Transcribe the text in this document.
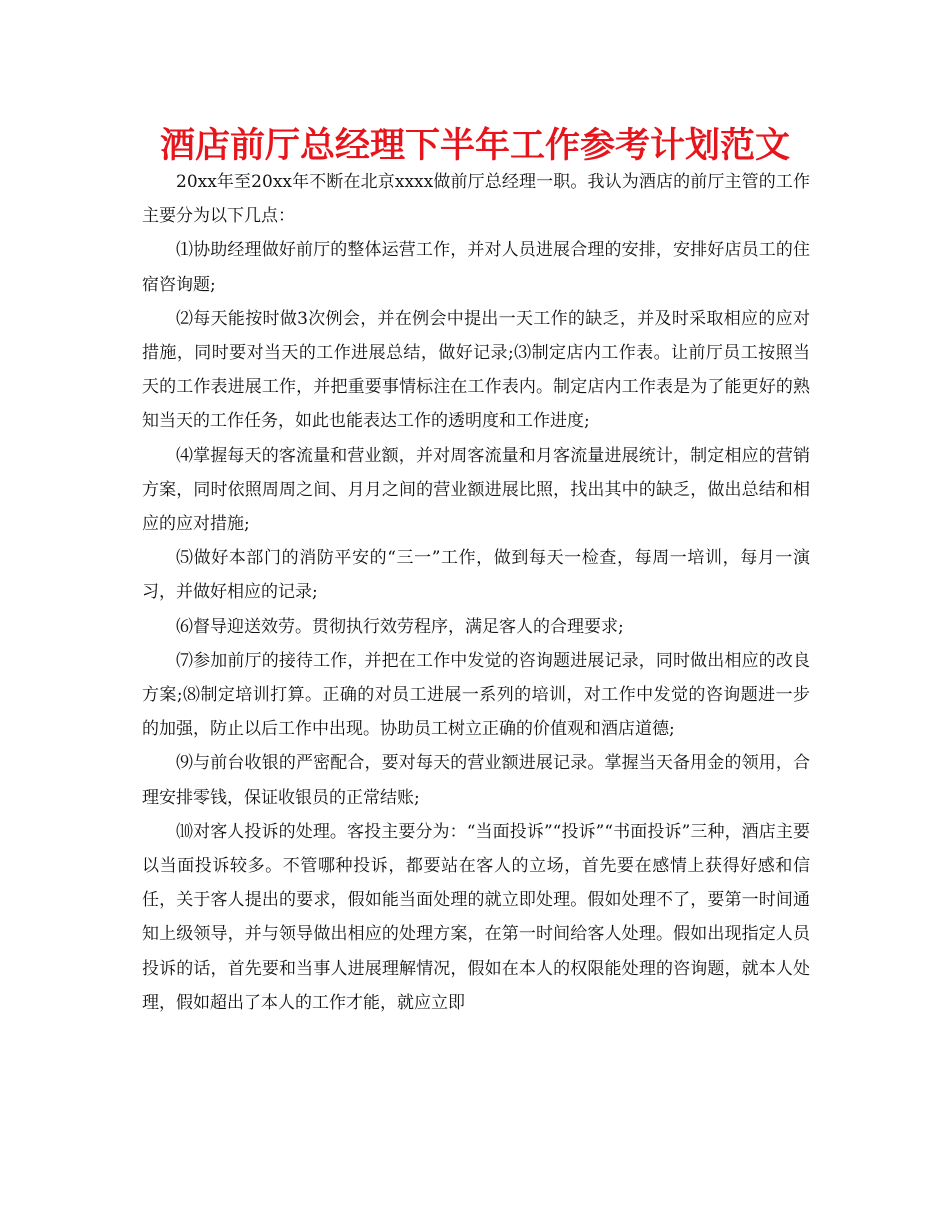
酒店前厅总经理下半年工作参考计划范文

20xx年至20xx年不断在北京xxxx做前厅总经理一职。我认为酒店的前厅主管的工作主要分为以下几点：

⑴协助经理做好前厅的整体运营工作，并对人员进展合理的安排，安排好店员工的住宿咨询题;

⑵每天能按时做3次例会，并在例会中提出一天工作的缺乏，并及时采取相应的应对措施，同时要对当天的工作进展总结，做好记录;⑶制定店内工作表。让前厅员工按照当天的工作表进展工作，并把重要事情标注在工作表内。制定店内工作表是为了能更好的熟知当天的工作任务，如此也能表达工作的透明度和工作进度;

⑷掌握每天的客流量和营业额，并对周客流量和月客流量进展统计，制定相应的营销方案，同时依照周周之间、月月之间的营业额进展比照，找出其中的缺乏，做出总结和相应的应对措施;

⑸做好本部门的消防平安的“三一”工作，做到每天一检查，每周一培训，每月一演习，并做好相应的记录;

⑹督导迎送效劳。贯彻执行效劳程序，满足客人的合理要求;

⑺参加前厅的接待工作，并把在工作中发觉的咨询题进展记录，同时做出相应的改良方案;⑻制定培训打算。正确的对员工进展一系列的培训，对工作中发觉的咨询题进一步的加强，防止以后工作中出现。协助员工树立正确的价值观和酒店道德;

⑼与前台收银的严密配合，要对每天的营业额进展记录。掌握当天备用金的领用，合理安排零钱，保证收银员的正常结账;

⑽对客人投诉的处理。客投主要分为：“当面投诉”“投诉”“书面投诉”三种，酒店主要以当面投诉较多。不管哪种投诉，都要站在客人的立场，首先要在感情上获得好感和信任，关于客人提出的要求，假如能当面处理的就立即处理。假如处理不了，要第一时间通知上级领导，并与领导做出相应的处理方案，在第一时间给客人处理。假如出现指定人员投诉的话，首先要和当事人进展理解情况，假如在本人的权限能处理的咨询题，就本人处理，假如超出了本人的工作才能，就应立即
